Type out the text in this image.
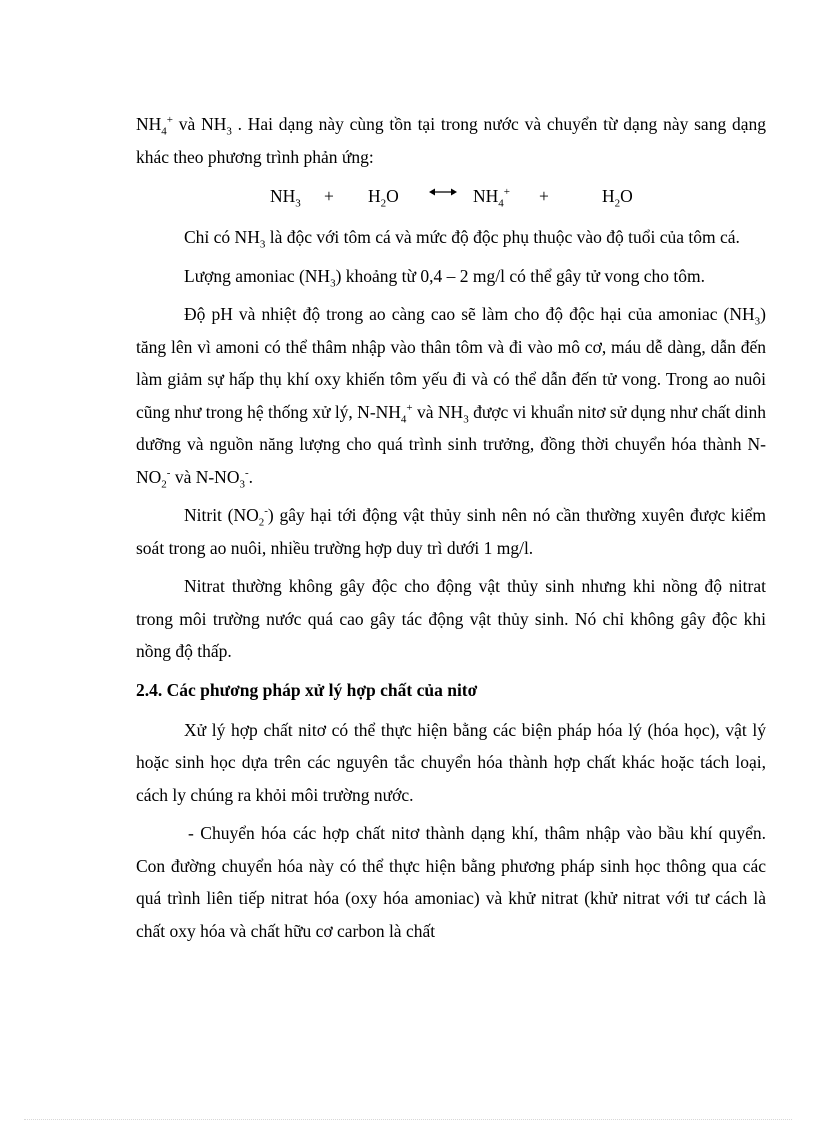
$NH_4^+$ và $NH_3$ . Hai dạng này cùng tồn tại trong nước và chuyển từ dạng này sang dạng khác theo phương trình phản ứng:

$NH_3 + H_2O$	$NH_4^+$ +	$H_2O$

Chỉ có $NH_3$ là độc với tôm cá và mức độ độc phụ thuộc vào độ tuổi của tôm cá.

Lượng amoniac $(NH_3)$ khoảng từ 0,4 – 2 mg/l có thể gây tử vong cho tôm.

Độ pH và nhiệt độ trong ao càng cao sẽ làm cho độ độc hại của amoniac $(NH_3)$ tăng lên vì amoni có thể thâm nhập vào thân tôm và đi vào mô cơ, máu dễ dàng, dẫn đến làm giảm sự hấp thụ khí oxy khiến tôm yếu đi và có thể dẫn đến tử vong. Trong ao nuôi cũng như trong hệ thống xử lý, $N-NH_4^+$ và $NH_3$ được vi khuẩn nitơ sử dụng như chất dinh dưỡng và nguồn năng lượng cho quá trình sinh trưởng, đồng thời chuyển hóa thành $N-NO_2^-$ và $N-NO_3^-$.

Nitrit $(NO_2^-)$ gây hại tới động vật thủy sinh nên nó cần thường xuyên được kiểm soát trong ao nuôi, nhiều trường hợp duy trì dưới 1 mg/l.

Nitrat thường không gây độc cho động vật thủy sinh nhưng khi nồng độ nitrat trong môi trường nước quá cao gây tác động vật thủy sinh. Nó chỉ không gây độc khi nồng độ thấp.

2.4. Các phương pháp xử lý hợp chất của nitơ

Xử lý hợp chất nitơ có thể thực hiện bằng các biện pháp hóa lý (hóa học), vật lý hoặc sinh học dựa trên các nguyên tắc chuyển hóa thành hợp chất khác hoặc tách loại, cách ly chúng ra khỏi môi trường nước.

- Chuyển hóa các hợp chất nitơ thành dạng khí, thâm nhập vào bầu khí quyển. Con đường chuyển hóa này có thể thực hiện bằng phương pháp sinh học thông qua các quá trình liên tiếp nitrat hóa (oxy hóa amoniac) và khử nitrat (khử nitrat với tư cách là chất oxy hóa và chất hữu cơ carbon là chất
